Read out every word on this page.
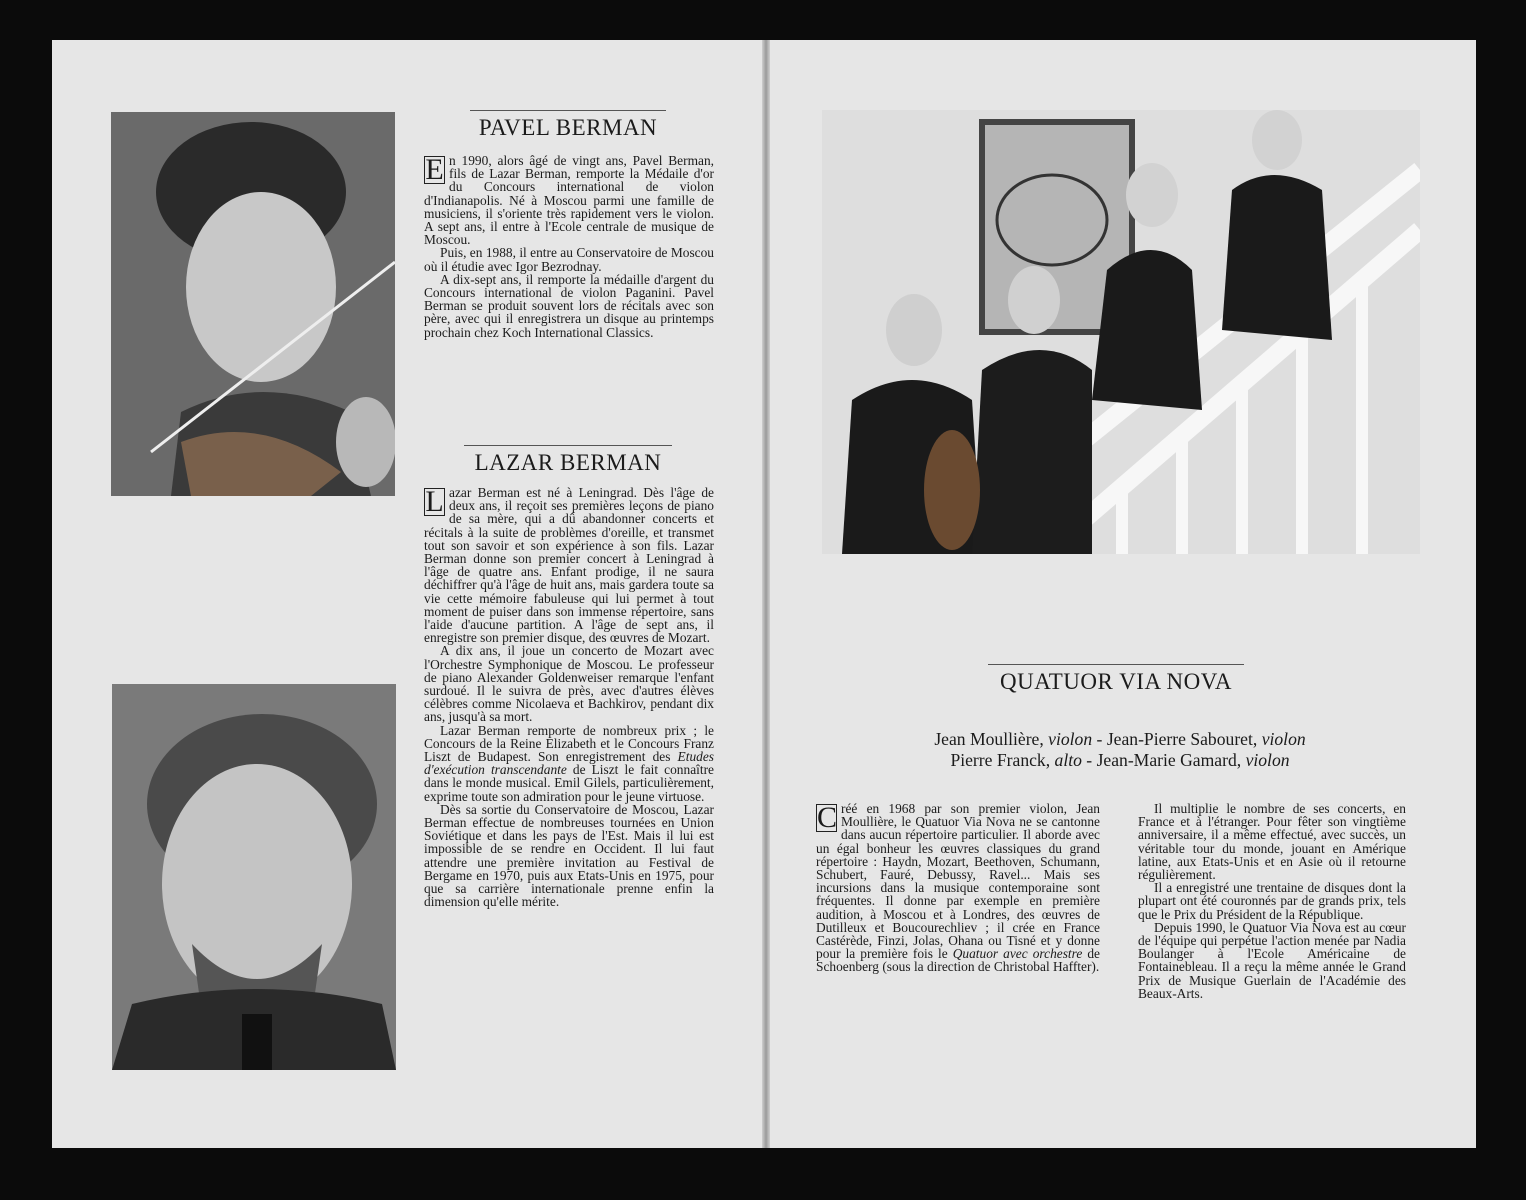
PAVEL BERMAN

E n 1990, alors âgé de vingt ans, Pavel Berman, fils de Lazar Berman, remporte la Médaile d'or du Concours international de violon d'Indianapolis. Né à Moscou parmi une famille de musiciens, il s'oriente très rapidement vers le violon. A sept ans, il entre à l'Ecole centrale de musique de Moscou.

Puis, en 1988, il entre au Conservatoire de Moscou où il étudie avec Igor Bezrodnay.

A dix-sept ans, il remporte la médaille d'argent du Concours international de violon Paganini. Pavel Berman se produit souvent lors de récitals avec son père, avec qui il enregistrera un disque au printemps prochain chez Koch International Classics.

LAZAR BERMAN

L azar Berman est né à Leningrad. Dès l'âge de deux ans, il reçoit ses premières leçons de piano de sa mère, qui a dû abandonner concerts et récitals à la suite de problèmes d'oreille, et transmet tout son savoir et son expérience à son fils. Lazar Berman donne son premier concert à Leningrad à l'âge de quatre ans. Enfant prodige, il ne saura déchiffrer qu'à l'âge de huit ans, mais gardera toute sa vie cette mémoire fabuleuse qui lui permet à tout moment de puiser dans son immense répertoire, sans l'aide d'aucune partition. A l'âge de sept ans, il enregistre son premier disque, des œuvres de Mozart.

A dix ans, il joue un concerto de Mozart avec l'Orchestre Symphonique de Moscou. Le professeur de piano Alexander Goldenweiser remarque l'enfant surdoué. Il le suivra de près, avec d'autres élèves célèbres comme Nicolaeva et Bachkirov, pendant dix ans, jusqu'à sa mort.

Lazar Berman remporte de nombreux prix ; le Concours de la Reine Elizabeth et le Concours Franz Liszt de Budapest. Son enregistrement des Etudes d'exécution transcendante de Liszt le fait connaître dans le monde musical. Emil Gilels, particulièrement, exprime toute son admiration pour le jeune virtuose.

Dès sa sortie du Conservatoire de Moscou, Lazar Berman effectue de nombreuses tournées en Union Soviétique et dans les pays de l'Est. Mais il lui est impossible de se rendre en Occident. Il lui faut attendre une première invitation au Festival de Bergame en 1970, puis aux Etats-Unis en 1975, pour que sa carrière internationale prenne enfin la dimension qu'elle mérite.

QUATUOR VIA NOVA
Jean Moullière, violon - Jean-Pierre Sabouret, violon
Pierre Franck, alto - Jean-Marie Gamard, violon

C réé en 1968 par son premier violon, Jean Moullière, le Quatuor Via Nova ne se cantonne dans aucun répertoire particulier. Il aborde avec un égal bonheur les œuvres classiques du grand répertoire : Haydn, Mozart, Beethoven, Schumann, Schubert, Fauré, Debussy, Ravel... Mais ses incursions dans la musique contemporaine sont fréquentes. Il donne par exemple en première audition, à Moscou et à Londres, des œuvres de Dutilleux et Boucourechliev ; il crée en France Castérède, Finzi, Jolas, Ohana ou Tisné et y donne pour la première fois le Quatuor avec orchestre de Schoenberg (sous la direction de Christobal Haffter).

Il multiplie le nombre de ses concerts, en France et à l'étranger. Pour fêter son vingtième anniversaire, il a même effectué, avec succès, un véritable tour du monde, jouant en Amérique latine, aux Etats-Unis et en Asie où il retourne régulièrement.

Il a enregistré une trentaine de disques dont la plupart ont été couronnés par de grands prix, tels que le Prix du Président de la République.

Depuis 1990, le Quatuor Via Nova est au cœur de l'équipe qui perpétue l'action menée par Nadia Boulanger à l'Ecole Américaine de Fontainebleau. Il a reçu la même année le Grand Prix de Musique Guerlain de l'Académie des Beaux-Arts.
